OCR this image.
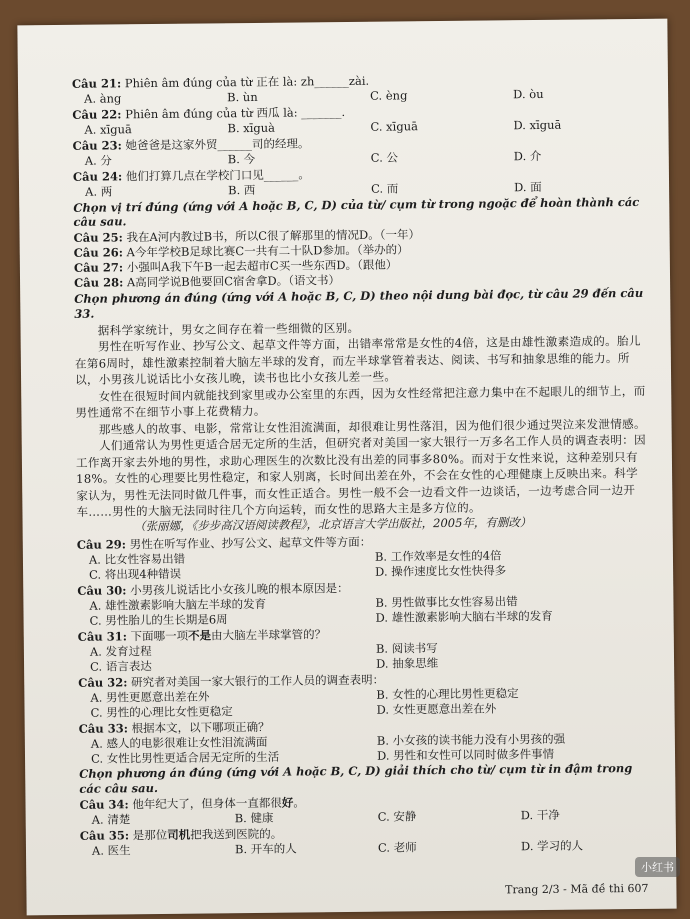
Câu 21: Phiên âm đúng của từ 正在 là: zh______zài.

A. àng	B. ùn	C. èng	D. òu

Câu 22: Phiên âm đúng của từ 西瓜 là: _______.

A. xīguā	B. xīguà	C. xīguā	D. xīguā

Câu 23: 她爸爸是这家外贸______司的经理。

A. 分	B. 今	C. 公	D. 介

Câu 24: 他们打算几点在学校门口见______。

A. 两	B. 西	C. 而	D. 面

Chọn vị trí đúng (ứng với A hoặc B, C, D) của từ/ cụm từ trong ngoặc để hoàn thành các câu sau.

Câu 25: 我在A河内教过B书，所以C很了解那里的情况D。（一年）

Câu 26: A今年学校B足球比赛C一共有二十队D参加。（举办的）

Câu 27: 小强叫A我下午B一起去超市C买一些东西D。（跟他）

Câu 28: A高同学说B他要回C宿舍拿D。（语文书）

Chọn phương án đúng (ứng với A hoặc B, C, D) theo nội dung bài đọc, từ câu 29 đến câu 33.

据科学家统计，男女之间存在着一些细微的区别。

男性在听写作业、抄写公文、起草文件等方面，出错率常常是女性的4倍，这是由雄性激素造成的。胎儿在第6周时，雄性激素控制着大脑左半球的发育，而左半球掌管着表达、阅读、书写和抽象思维的能力。所以，小男孩儿说话比小女孩儿晚，读书也比小女孩儿差一些。

女性在很短时间内就能找到家里或办公室里的东西，因为女性经常把注意力集中在不起眼儿的细节上，而男性通常不在细节小事上花费精力。

那些感人的故事、电影，常常让女性泪流满面，却很难让男性落泪，因为他们很少通过哭泣来发泄情感。

人们通常认为男性更适合居无定所的生活，但研究者对美国一家大银行一万多名工作人员的调查表明：因工作离开家去外地的男性，求助心理医生的次数比没有出差的同事多80%。而对于女性来说，这种差别只有18%。女性的心理要比男性稳定，和家人别离，长时间出差在外，不会在女性的心理健康上反映出来。科学家认为，男性无法同时做几件事，而女性正适合。男性一般不会一边看文件一边谈话，一边考虑合同一边开车……男性的大脑无法同时往几个方向运转，而女性的思路大主是多方位的。

（张丽娜，《步步高汉语阅读教程》，北京语言大学出版社，2005年，有删改）

Câu 29: 男性在听写作业、抄写公文、起草文件等方面：

A. 比女性容易出错	B. 工作效率是女性的4倍
C. 将出现4种错误	D. 操作速度比女性快得多

Câu 30: 小男孩儿说话比小女孩儿晚的根本原因是：

A. 雄性激素影响大脑左半球的发育	B. 男性做事比女性容易出错
C. 男性胎儿的生长期是6周	D. 雄性激素影响大脑右半球的发育

Câu 31: 下面哪一项不是由大脑左半球掌管的？

A. 发育过程	B. 阅读书写
C. 语言表达	D. 抽象思维

Câu 32: 研究者对美国一家大银行的工作人员的调查表明：

A. 男性更愿意出差在外	B. 女性的心理比男性更稳定
C. 男性的心理比女性更稳定	D. 女性更愿意出差在外

Câu 33: 根据本文，以下哪项正确？

A. 感人的电影很难让女性泪流满面	B. 小女孩的读书能力没有小男孩的强
C. 女性比男性更适合居无定所的生活	D. 男性和女性可以同时做多件事情

Chọn phương án đúng (ứng với A hoặc B, C, D) giải thích cho từ/ cụm từ in đậm trong các câu sau.

Câu 34: 他年纪大了，但身体一直都很好。

A. 清楚	B. 健康	C. 安静	D. 干净

Câu 35: 是那位司机把我送到医院的。

A. 医生	B. 开车的人	C. 老师	D. 学习的人
Trang 2/3 - Mã đề thi 607
小红书
